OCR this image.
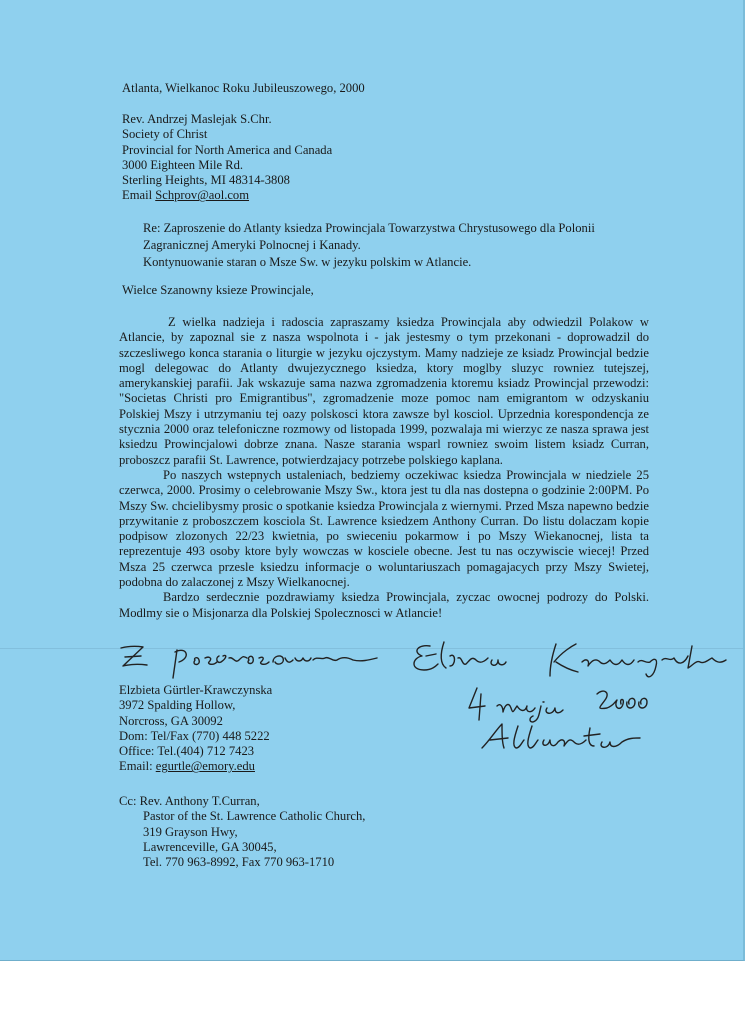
Atlanta, Wielkanoc Roku Jubileuszowego, 2000
Rev. Andrzej Maslejak S.Chr.
Society of Christ
Provincial for North America and Canada
3000 Eighteen Mile Rd.
Sterling Heights, MI 48314-3808
Email Schprov@aol.com
Re: Zaproszenie do Atlanty ksiedza Prowincjala Towarzystwa Chrystusowego dla Polonii
Zagranicznej Ameryki Polnocnej i Kanady.
Kontynuowanie staran o Msze Sw. w jezyku polskim w Atlancie.
Wielce Szanowny ksieze Prowincjale,

Z wielka nadzieja i radoscia zapraszamy ksiedza Prowincjala aby odwiedzil Polakow w Atlancie, by zapoznal sie z nasza wspolnota i - jak jestesmy o tym przekonani - doprowadzil do szczesliwego konca starania o liturgie w jezyku ojczystym. Mamy nadzieje ze ksiadz Prowincjal bedzie mogl delegowac do Atlanty dwujezycznego ksiedza, ktory moglby sluzyc rowniez tutejszej, amerykanskiej parafii. Jak wskazuje sama nazwa zgromadzenia ktoremu ksiadz Prowincjal przewodzi: "Societas Christi pro Emigrantibus", zgromadzenie moze pomoc nam emigrantom w odzyskaniu Polskiej Mszy i utrzymaniu tej oazy polskosci ktora zawsze byl kosciol. Uprzednia korespondencja ze stycznia 2000 oraz telefoniczne rozmowy od listopada 1999, pozwalaja mi wierzyc ze nasza sprawa jest ksiedzu Prowincjalowi dobrze znana. Nasze starania wsparl rowniez swoim listem ksiadz Curran, proboszcz parafii St. Lawrence, potwierdzajacy potrzebe polskiego kaplana.

Po naszych wstepnych ustaleniach, bedziemy oczekiwac ksiedza Prowincjala w niedziele 25 czerwca, 2000. Prosimy o celebrowanie Mszy Sw., ktora jest tu dla nas dostepna o godzinie 2:00PM. Po Mszy Sw. chcielibysmy prosic o spotkanie ksiedza Prowincjala z wiernymi. Przed Msza napewno bedzie przywitanie z proboszczem kosciola St. Lawrence ksiedzem Anthony Curran. Do listu dolaczam kopie podpisow zlozonych 22/23 kwietnia, po swieceniu pokarmow i po Mszy Wiekanocnej, lista ta reprezentuje 493 osoby ktore byly wowczas w kosciele obecne. Jest tu nas oczywiscie wiecej! Przed Msza 25 czerwca przesle ksiedzu informacje o woluntariuszach pomagajacych przy Mszy Swietej, podobna do zalaczonej z Mszy Wielkanocnej.

Bardzo serdecznie pozdrawiamy ksiedza Prowincjala, zyczac owocnej podrozy do Polski. Modlmy sie o Misjonarza dla Polskiej Spolecznosci w Atlancie!

Elzbieta Gürtler-Krawczynska
3972 Spalding Hollow,
Norcross, GA 30092
Dom: Tel/Fax (770) 448 5222
Office: Tel.(404) 712 7423
Email: egurtle@emory.edu
Cc: Rev. Anthony T.Curran,
Pastor of the St. Lawrence Catholic Church,
319 Grayson Hwy,
Lawrenceville, GA 30045,
Tel. 770 963-8992, Fax 770 963-1710
